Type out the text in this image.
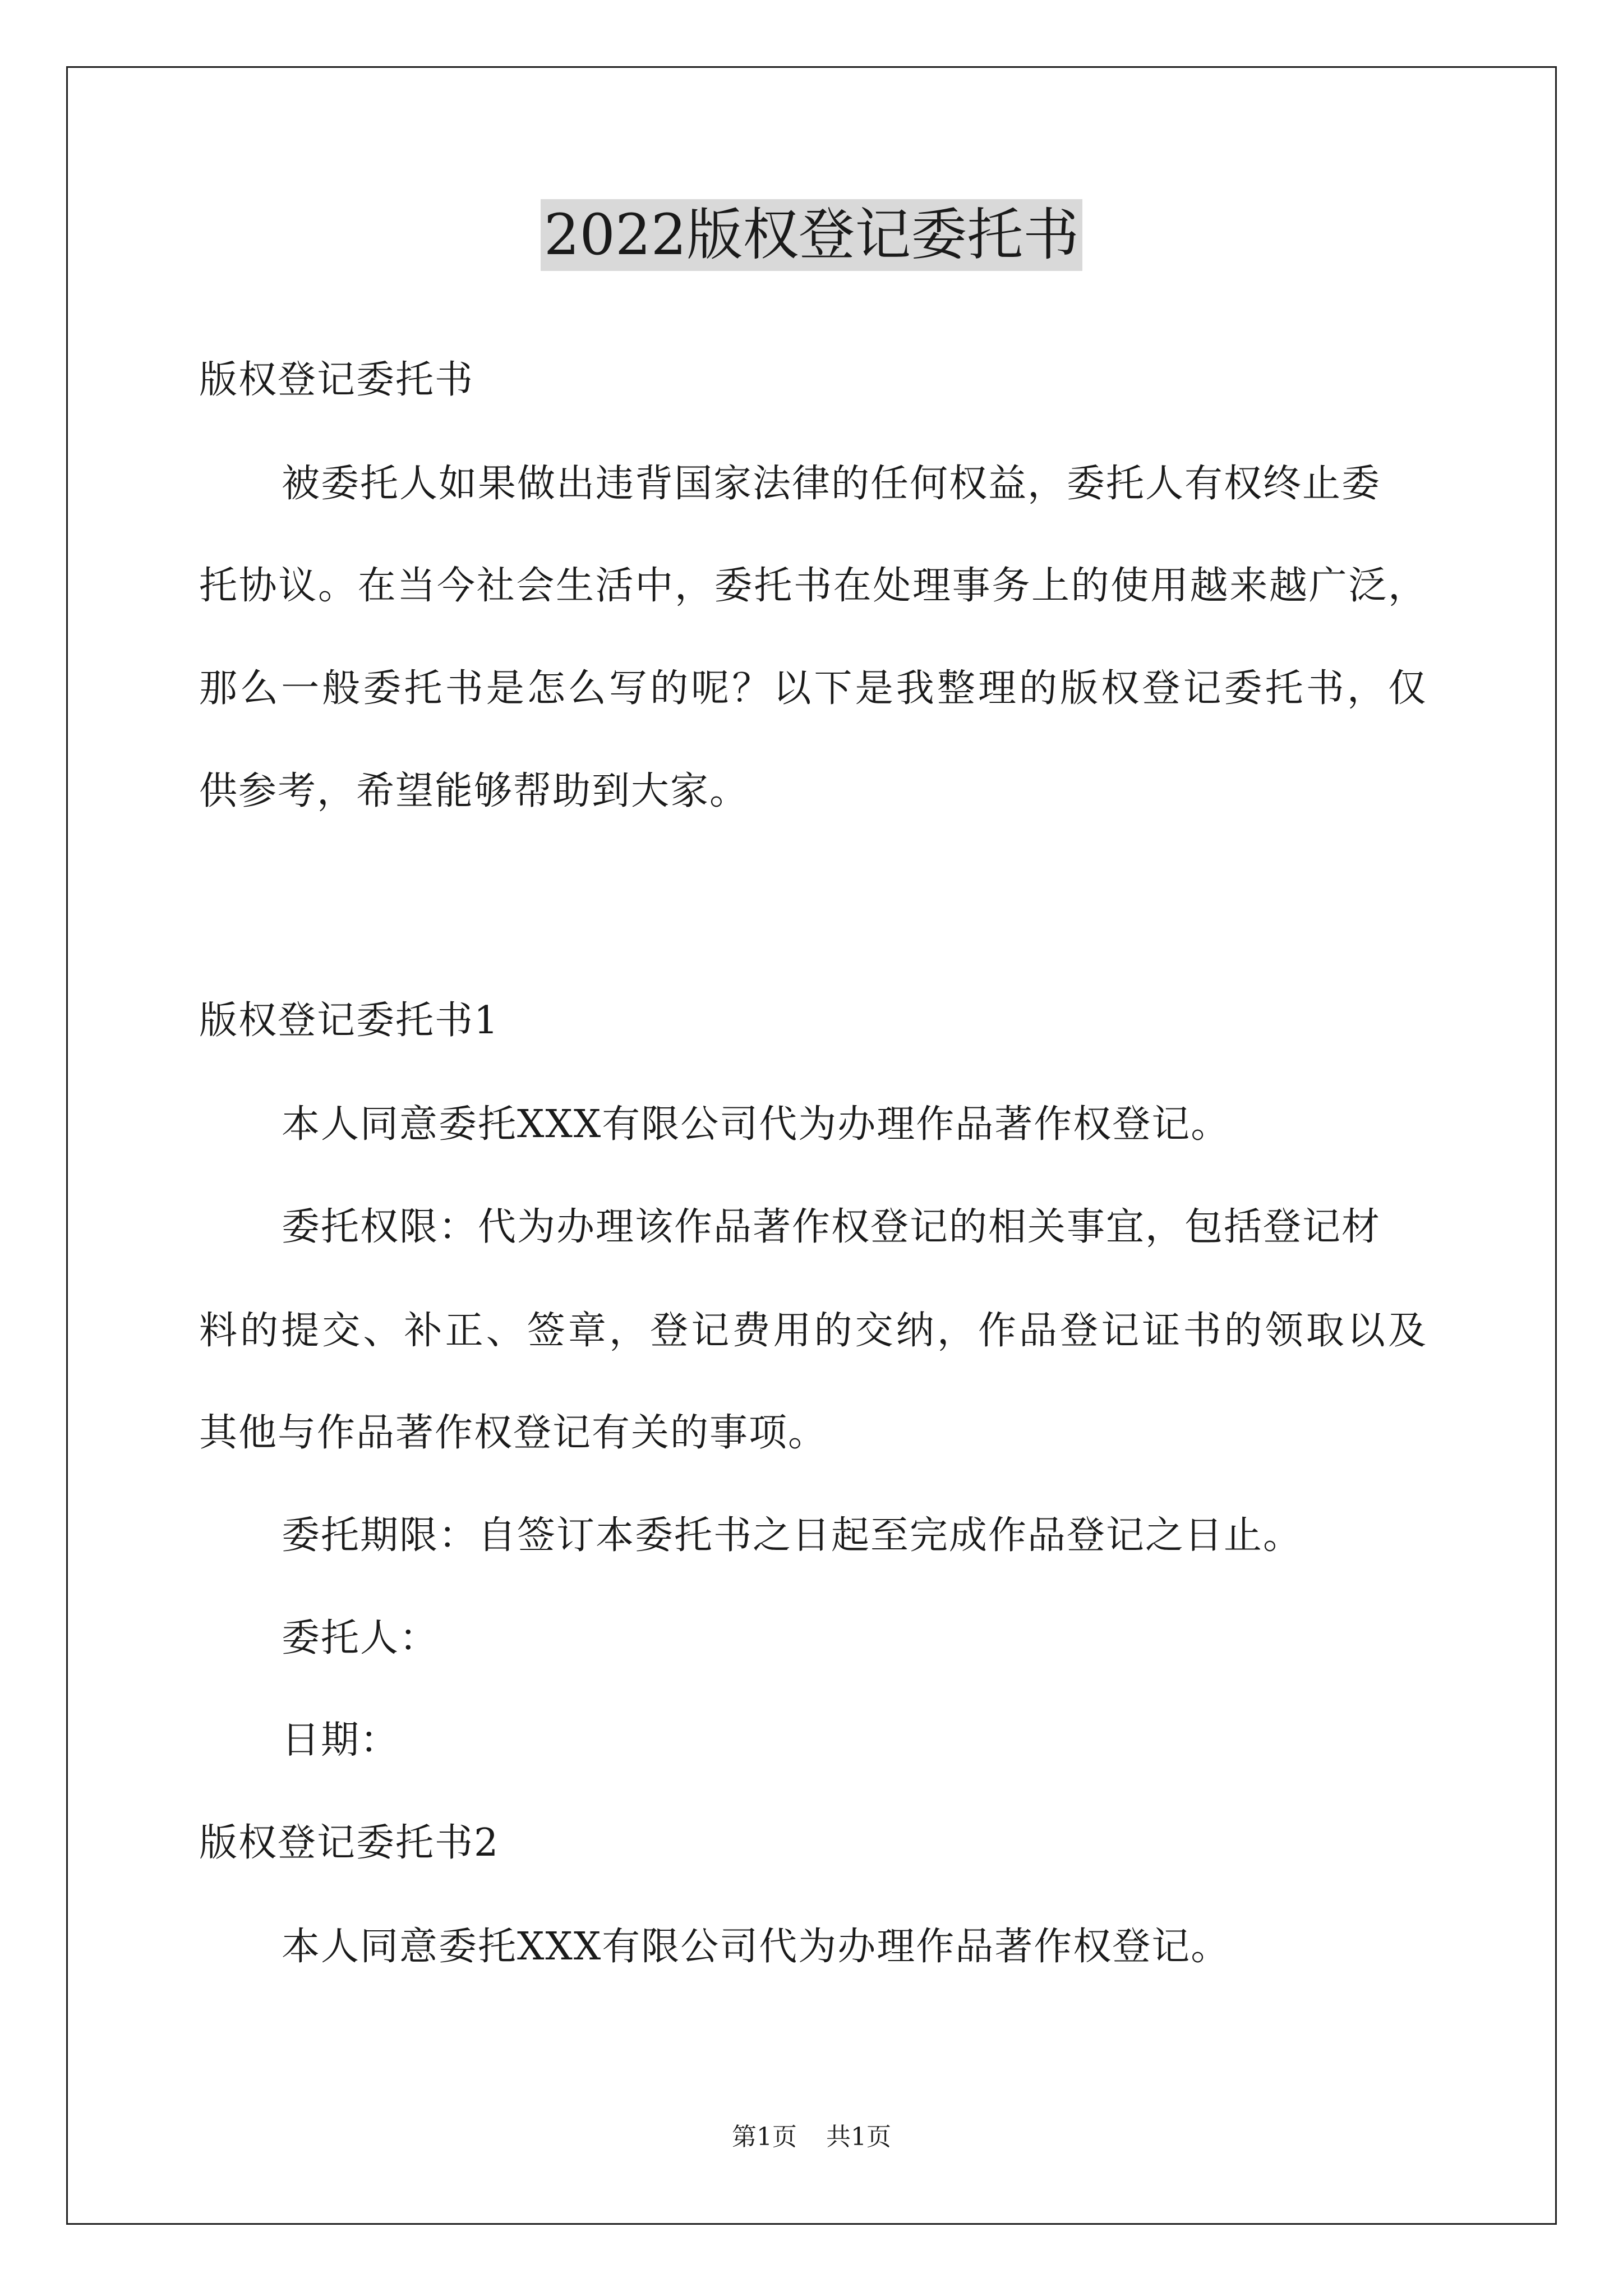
2022版权登记委托书
版权登记委托书
被委托人如果做出违背国家法律的任何权益，委托人有权终止委
托协议。在当今社会生活中，委托书在处理事务上的使用越来越广泛，
那么一般委托书是怎么写的呢？以下是我整理的版权登记委托书，仅
供参考，希望能够帮助到大家。
版权登记委托书1
本人同意委托XXX有限公司代为办理作品著作权登记。
委托权限：代为办理该作品著作权登记的相关事宜，包括登记材
料的提交、补正、签章，登记费用的交纳，作品登记证书的领取以及
其他与作品著作权登记有关的事项。
委托期限：自签订本委托书之日起至完成作品登记之日止。
委托人：
日期：
版权登记委托书2
本人同意委托XXX有限公司代为办理作品著作权登记。
第1页 共1页
